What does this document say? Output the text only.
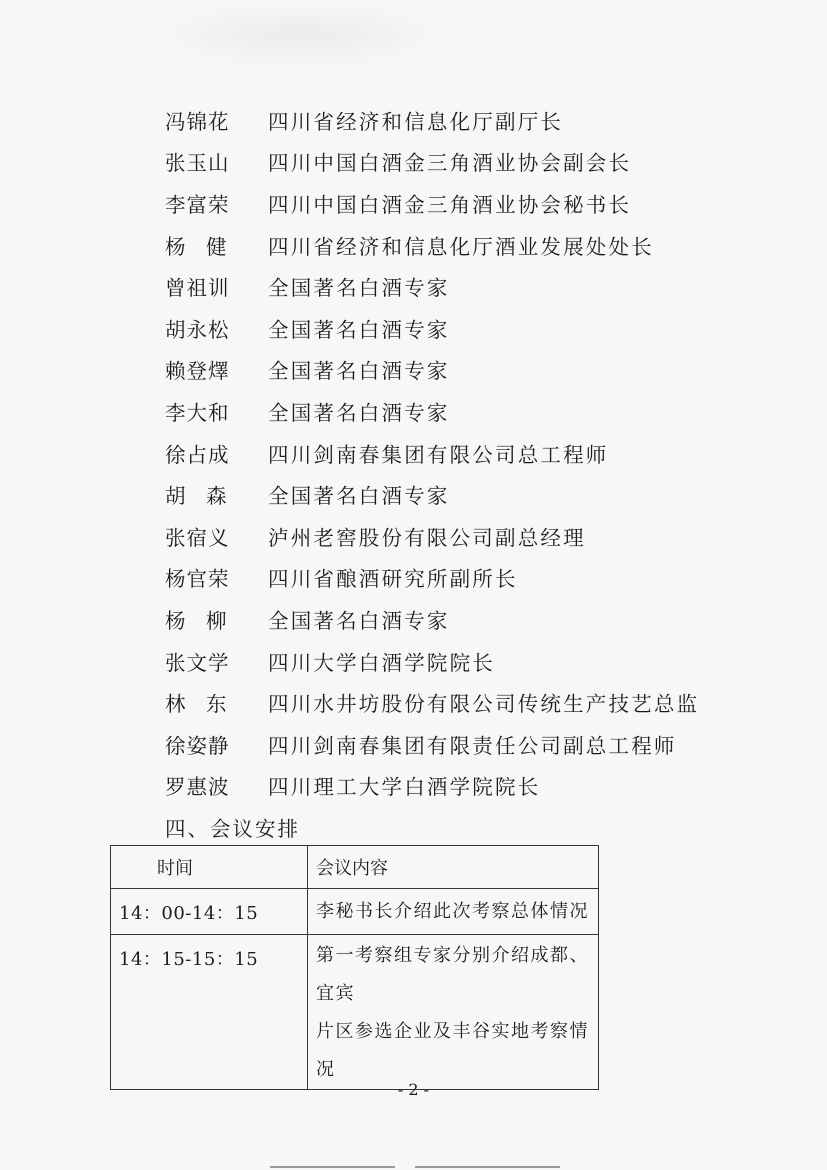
冯锦花	四川省经济和信息化厅副厅长
张玉山	四川中国白酒金三角酒业协会副会长
李富荣	四川中国白酒金三角酒业协会秘书长
杨　健	四川省经济和信息化厅酒业发展处处长
曾祖训	全国著名白酒专家
胡永松	全国著名白酒专家
赖登燡	全国著名白酒专家
李大和	全国著名白酒专家
徐占成	四川剑南春集团有限公司总工程师
胡　森	全国著名白酒专家
张宿义	泸州老窖股份有限公司副总经理
杨官荣	四川省酿酒研究所副所长
杨　柳	全国著名白酒专家
张文学	四川大学白酒学院院长
林　东	四川水井坊股份有限公司传统生产技艺总监
徐姿静	四川剑南春集团有限责任公司副总工程师
罗惠波	四川理工大学白酒学院院长
四、会议安排
时间	会议内容
14：00-14：15	李秘书长介绍此次考察总体情况

14：15-15：15	第一考察组专家分别介绍成都、宜宾
片区参选企业及丰谷实地考察情况
- 2 -
